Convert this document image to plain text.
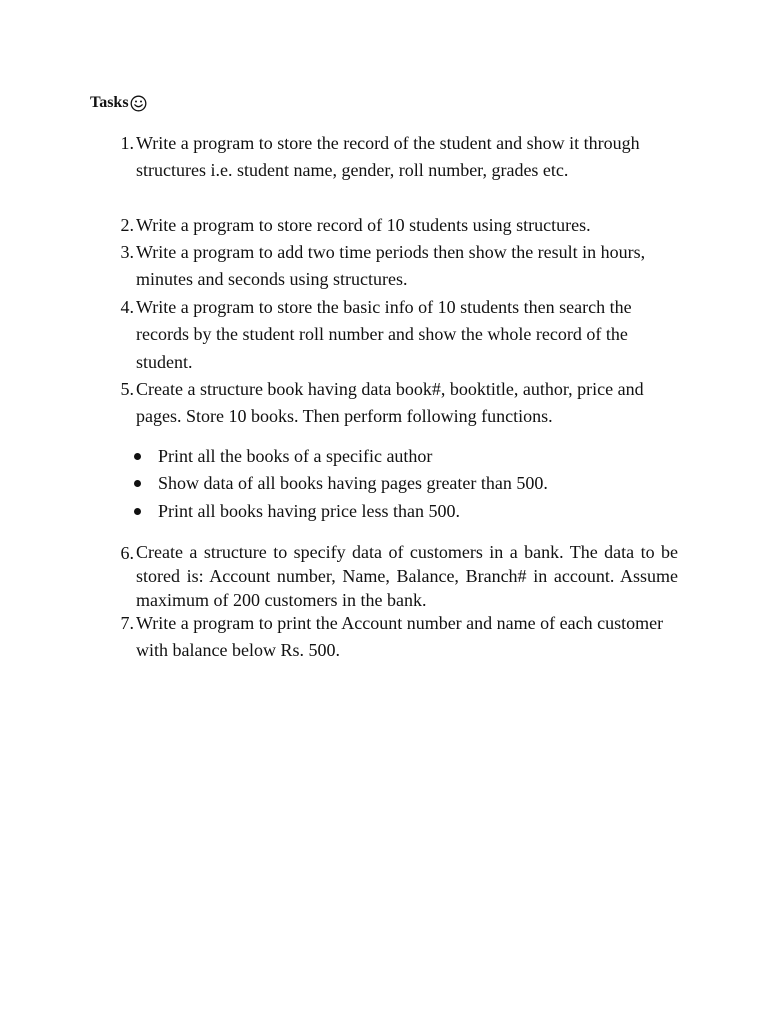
Tasks
1. Write a program to store the record of the student and show it through structures i.e. student name, gender, roll number, grades etc.
2. Write a program to store record of 10 students using structures.
3. Write a program to add two time periods then show the result in hours, minutes and seconds using structures.
4. Write a program to store the basic info of 10 students then search the records by the student roll number and show the whole record of the student.
5. Create a structure book having data book#, booktitle, author, price and pages. Store 10 books. Then perform following functions.
Print all the books of a specific author
Show data of all books having pages greater than 500.
Print all books having price less than 500.
6. Create a structure to specify data of customers in a bank. The data to be stored is: Account number, Name, Balance, Branch# in account. Assume maximum of 200 customers in the bank.
7. Write a program to print the Account number and name of each customer with balance below Rs. 500.
